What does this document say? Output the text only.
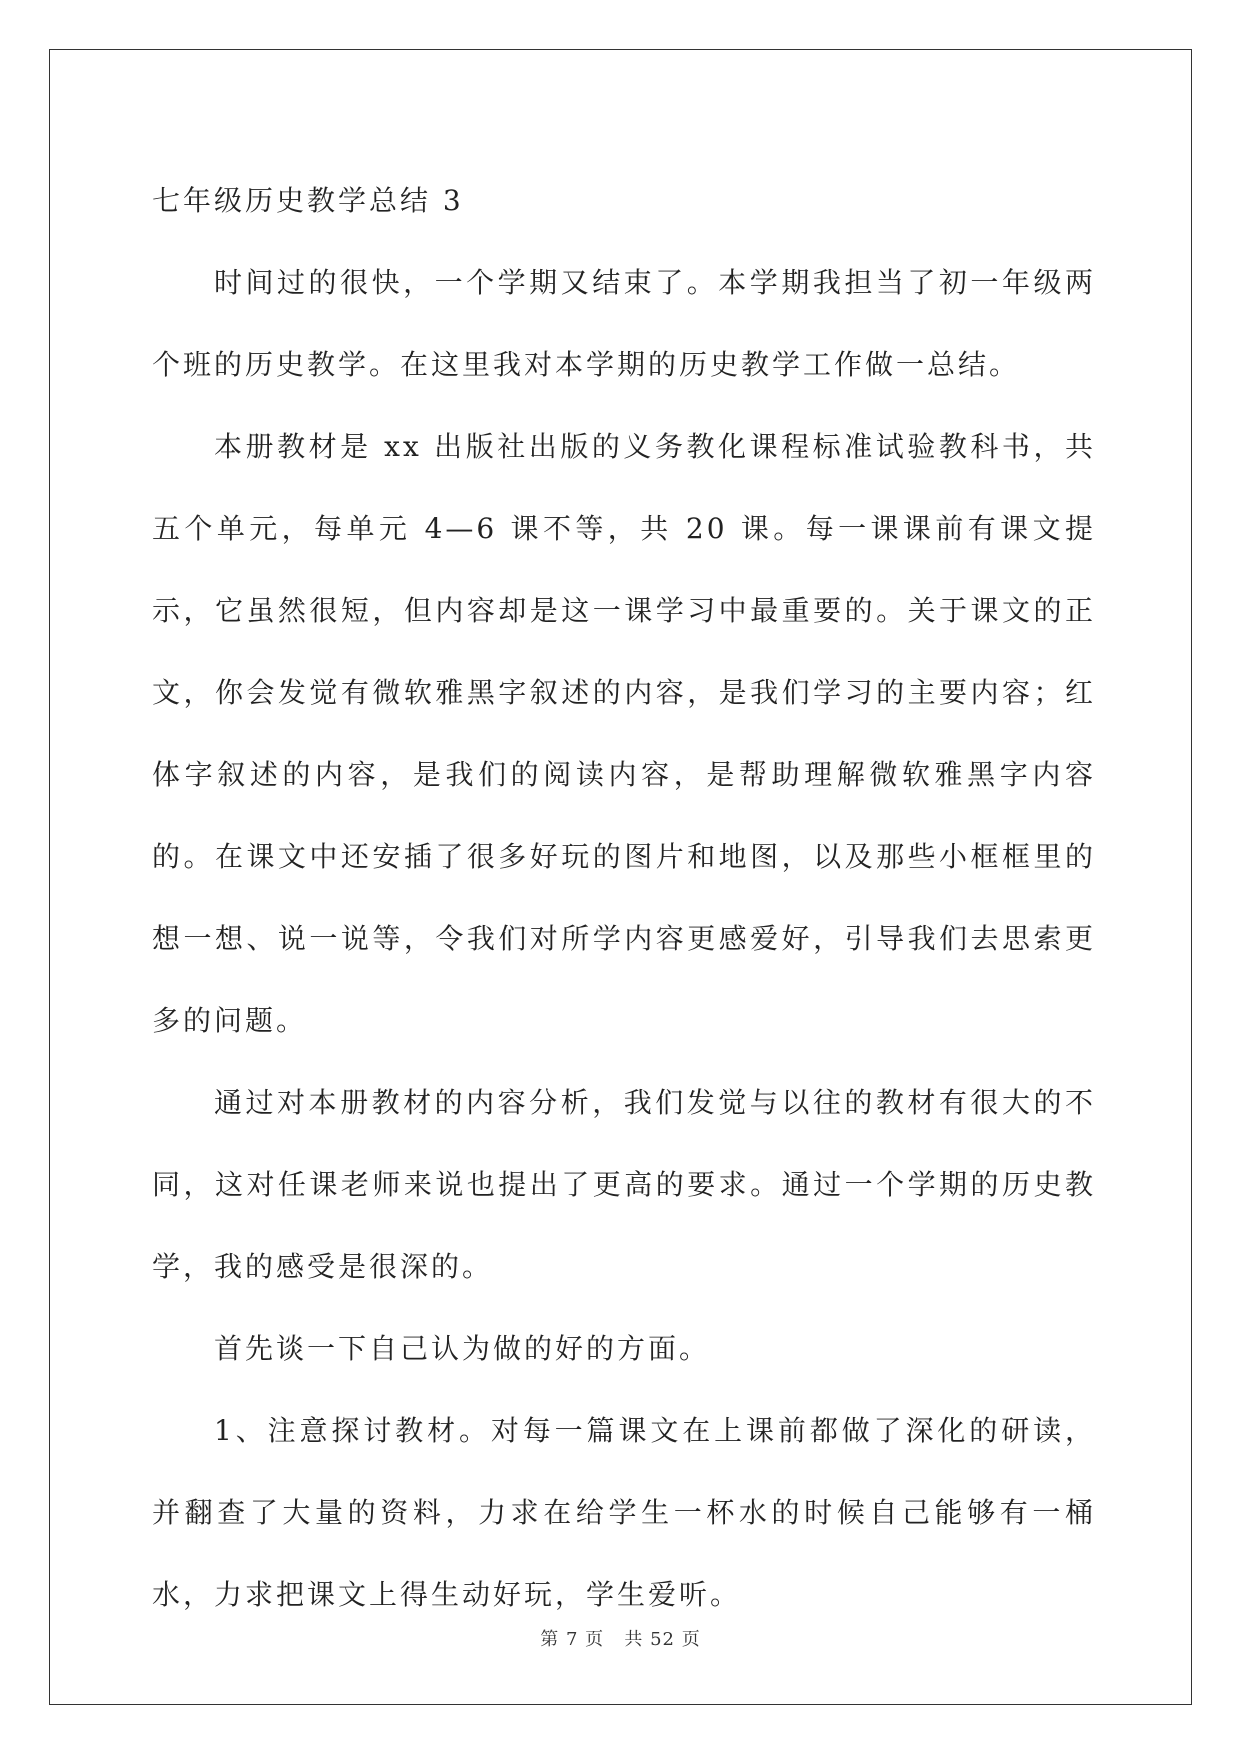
七年级历史教学总结 3

时间过的很快，一个学期又结束了。本学期我担当了初一年级两个班的历史教学。在这里我对本学期的历史教学工作做一总结。

本册教材是 xx 出版社出版的义务教化课程标准试验教科书，共五个单元，每单元 4—6 课不等，共 20 课。每一课课前有课文提示，它虽然很短，但内容却是这一课学习中最重要的。关于课文的正文，你会发觉有微软雅黑字叙述的内容，是我们学习的主要内容；红体字叙述的内容，是我们的阅读内容，是帮助理解微软雅黑字内容的。在课文中还安插了很多好玩的图片和地图，以及那些小框框里的想一想、说一说等，令我们对所学内容更感爱好，引导我们去思索更多的问题。

通过对本册教材的内容分析，我们发觉与以往的教材有很大的不同，这对任课老师来说也提出了更高的要求。通过一个学期的历史教学，我的感受是很深的。

首先谈一下自己认为做的好的方面。

1、注意探讨教材。对每一篇课文在上课前都做了深化的研读，并翻查了大量的资料，力求在给学生一杯水的时候自己能够有一桶水，力求把课文上得生动好玩，学生爱听。

第 7 页 共 52 页
